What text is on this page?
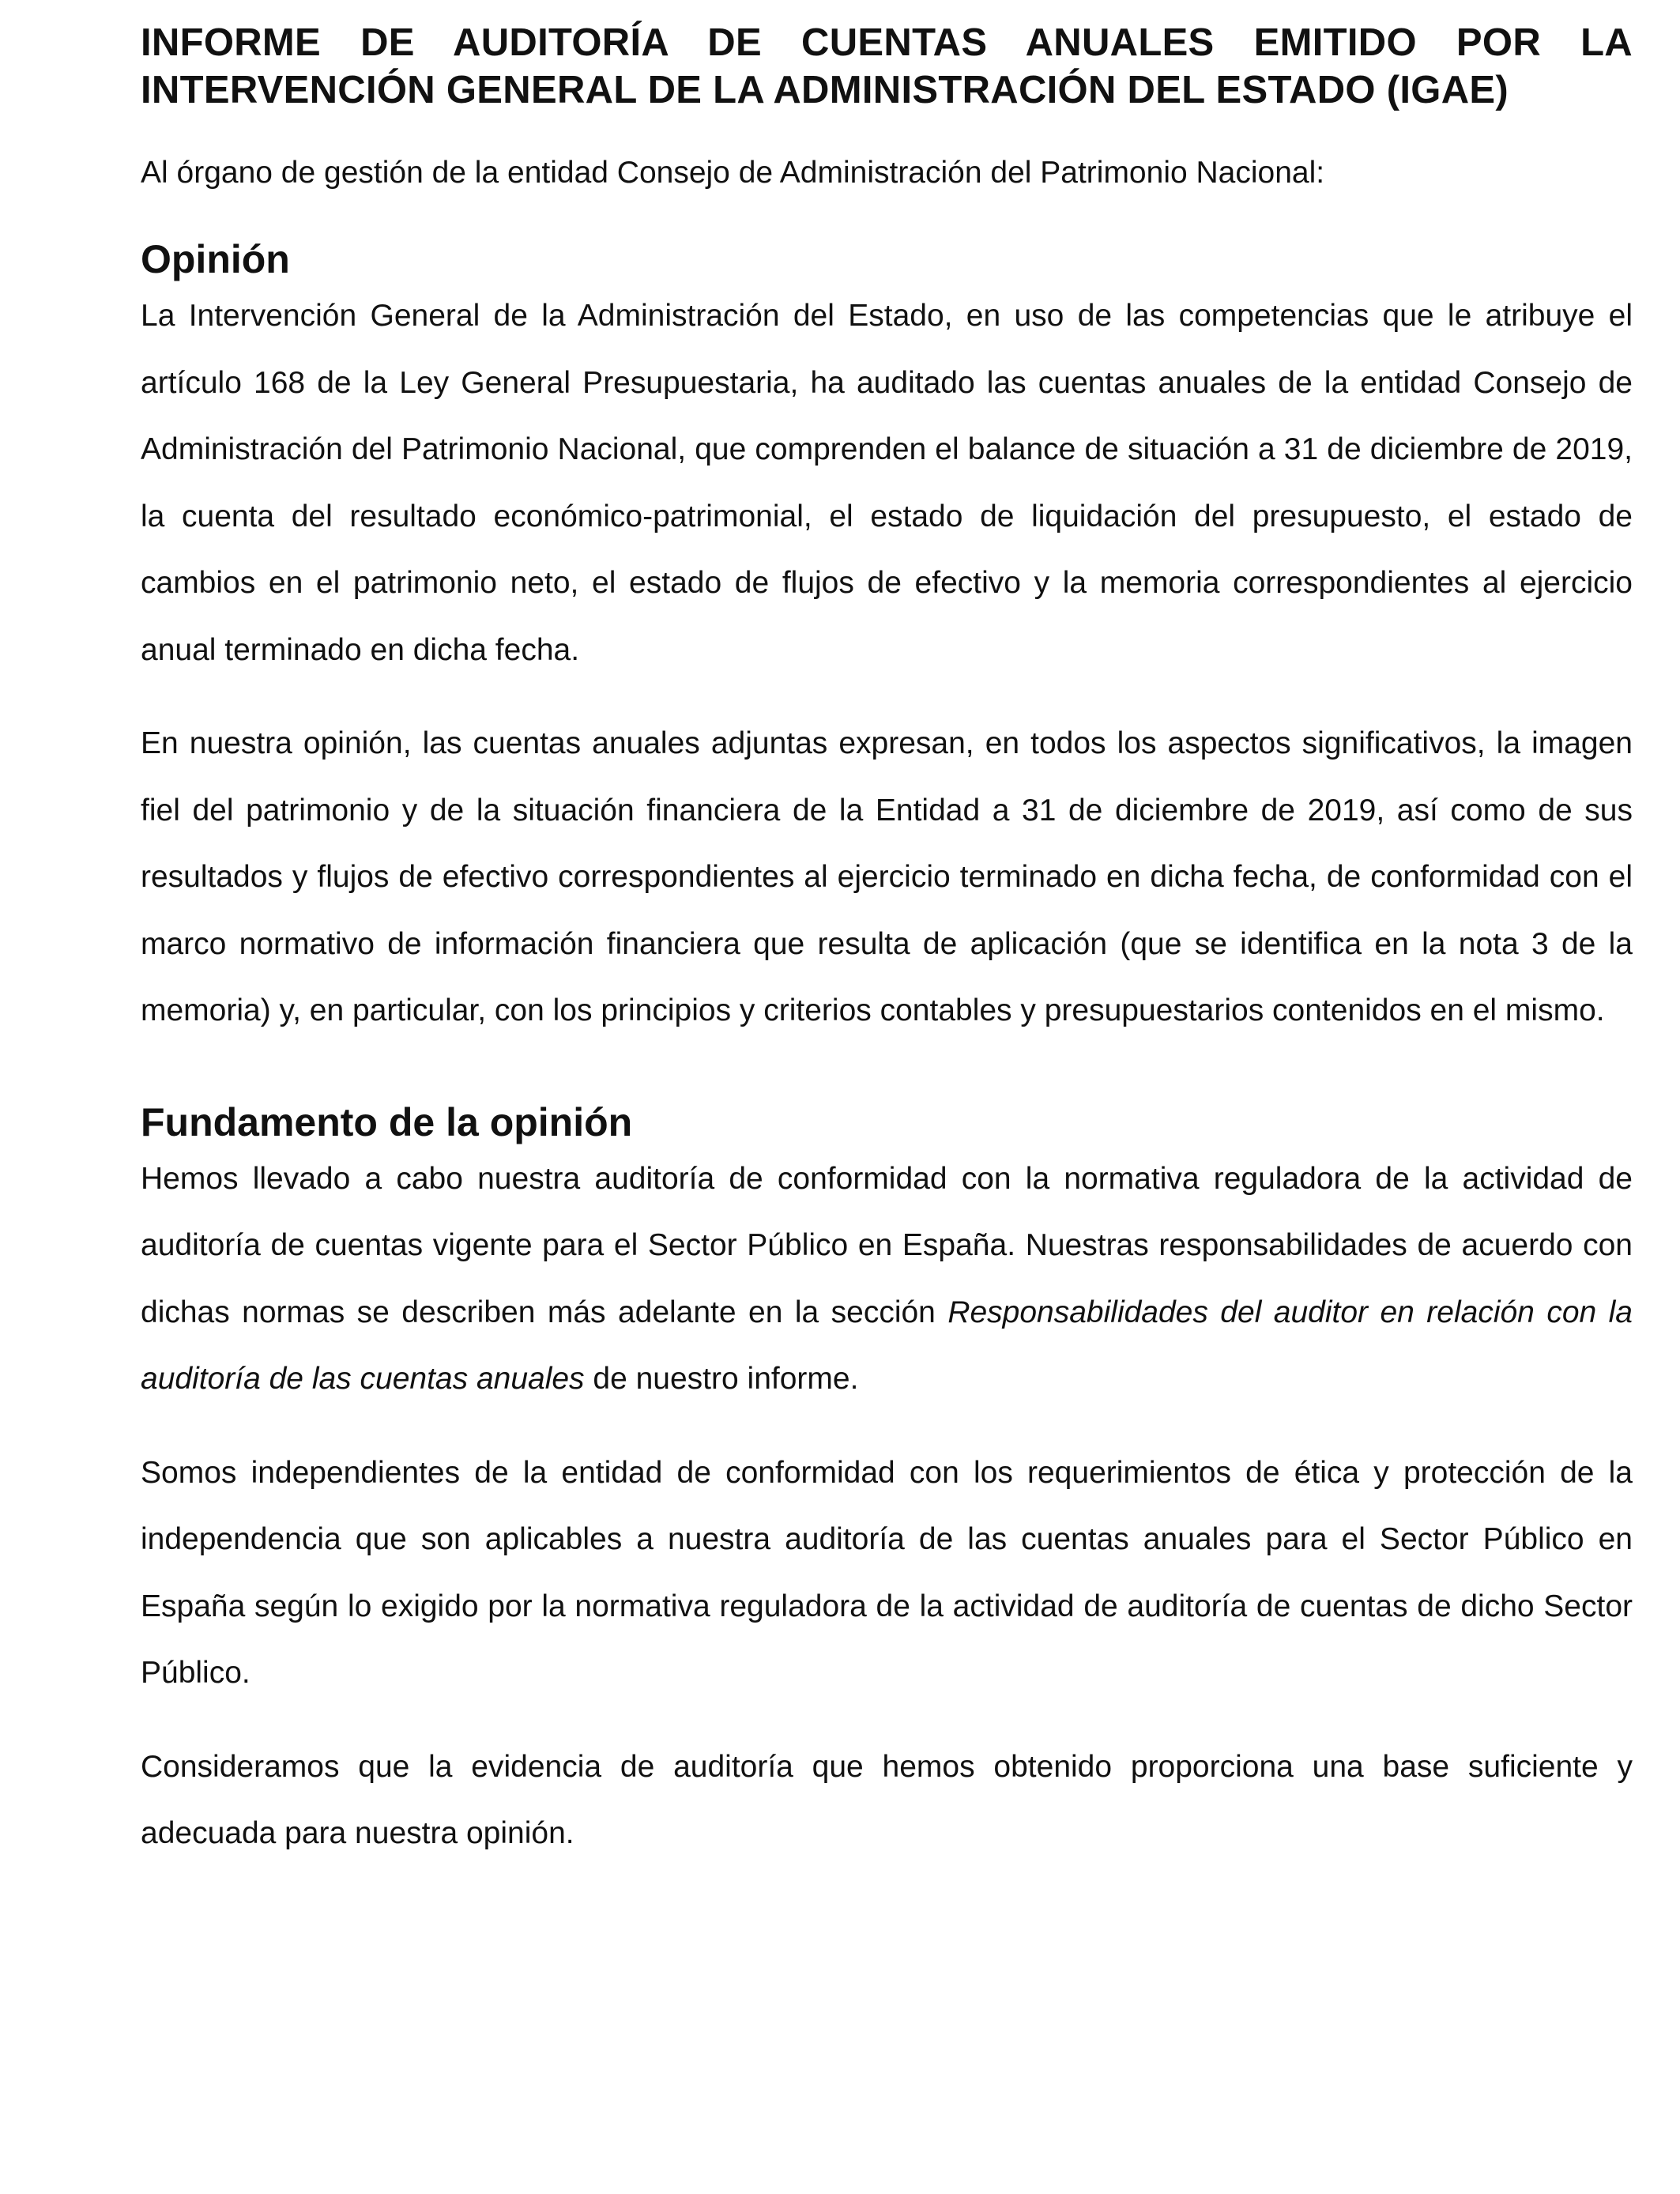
INFORME DE AUDITORÍA DE CUENTAS ANUALES EMITIDO POR LA
INTERVENCIÓN GENERAL DE LA ADMINISTRACIÓN DEL ESTADO (IGAE)

Al órgano de gestión de la entidad Consejo de Administración del Patrimonio Nacional:

Opinión

La Intervención General de la Administración del Estado, en uso de las competencias que le atribuye el artículo 168 de la Ley General Presupuestaria, ha auditado las cuentas anuales de la entidad Consejo de Administración del Patrimonio Nacional, que comprenden el balance de situación a 31 de diciembre de 2019, la cuenta del resultado económico-patrimonial, el estado de liquidación del presupuesto, el estado de cambios en el patrimonio neto, el estado de flujos de efectivo y la memoria correspondientes al ejercicio anual terminado en dicha fecha.

En nuestra opinión, las cuentas anuales adjuntas expresan, en todos los aspectos significativos, la imagen fiel del patrimonio y de la situación financiera de la Entidad a 31 de diciembre de 2019, así como de sus resultados y flujos de efectivo correspondientes al ejercicio terminado en dicha fecha, de conformidad con el marco normativo de información financiera que resulta de aplicación (que se identifica en la nota 3 de la memoria) y, en particular, con los principios y criterios contables y presupuestarios contenidos en el mismo.

Fundamento de la opinión

Hemos llevado a cabo nuestra auditoría de conformidad con la normativa reguladora de la actividad de auditoría de cuentas vigente para el Sector Público en España. Nuestras responsabilidades de acuerdo con dichas normas se describen más adelante en la sección Responsabilidades del auditor en relación con la auditoría de las cuentas anuales de nuestro informe.

Somos independientes de la entidad de conformidad con los requerimientos de ética y protección de la independencia que son aplicables a nuestra auditoría de las cuentas anuales para el Sector Público en España según lo exigido por la normativa reguladora de la actividad de auditoría de cuentas de dicho Sector Público.

Consideramos que la evidencia de auditoría que hemos obtenido proporciona una base suficiente y adecuada para nuestra opinión.
